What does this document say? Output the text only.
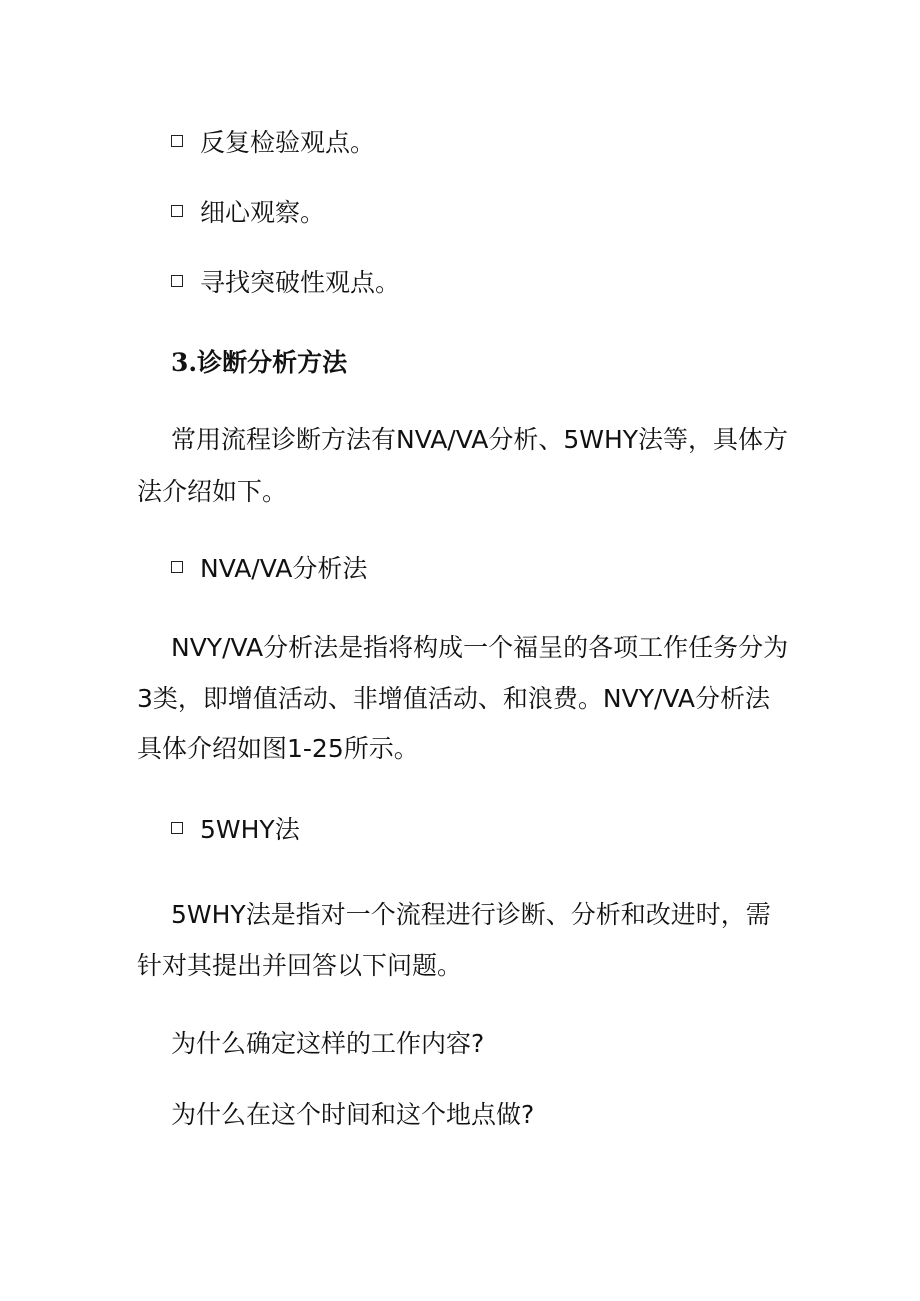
反复检验观点。
细心观察。
寻找突破性观点。
3.诊断分析方法
常用流程诊断方法有NVA/VA分析、5WHY法等，具体方
法介绍如下。
NVA/VA分析法
NVY/VA分析法是指将构成一个福呈的各项工作任务分为
3类，即增值活动、非增值活动、和浪费。NVY/VA分析法
具体介绍如图1-25所示。
5WHY法
5WHY法是指对一个流程进行诊断、分析和改进时，需
针对其提出并回答以下问题。
为什么确定这样的工作内容?
为什么在这个时间和这个地点做?
